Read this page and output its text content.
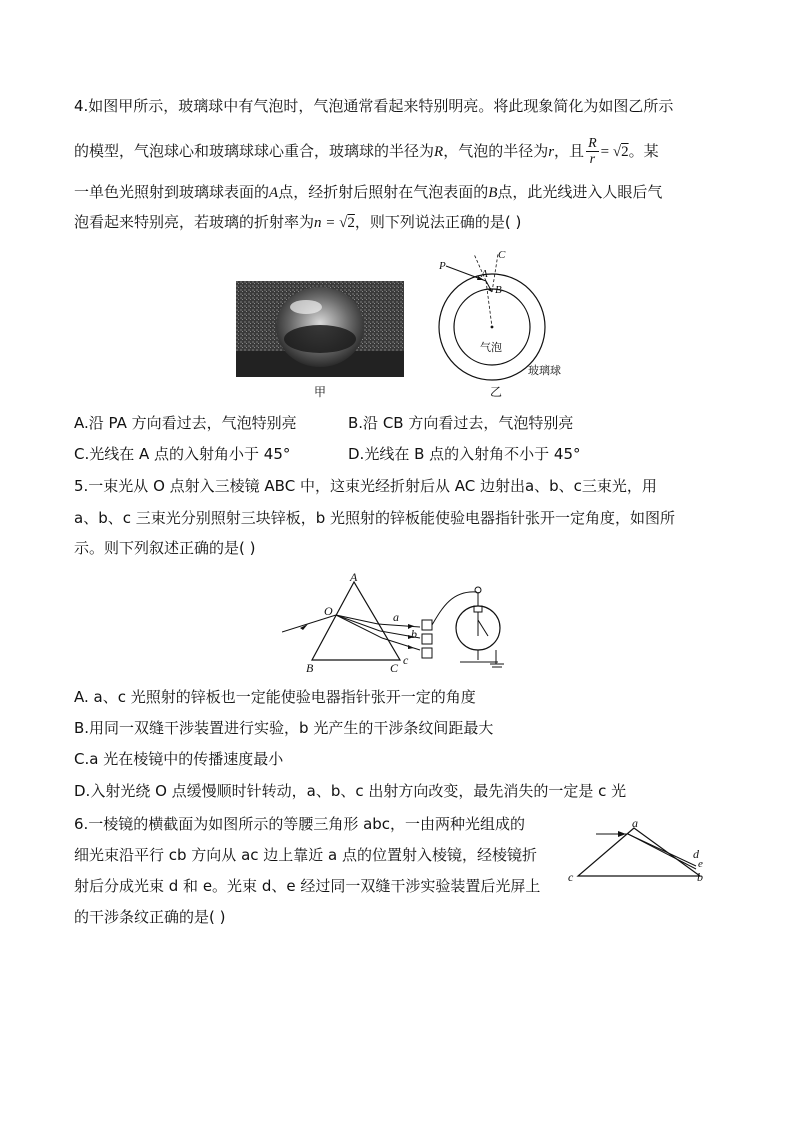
4.如图甲所示，玻璃球中有气泡时，气泡通常看起来特别明亮。将此现象简化为如图乙所示
的模型，气泡球心和玻璃球球心重合，玻璃球的半径为R，气泡的半径为r，且 $\frac{R}{r} = √2$。某
一单色光照射到玻璃球表面的A点，经折射后照射在气泡表面的B点，此光线进入人眼后气
泡看起来特别亮，若玻璃的折射率为n = √2，则下列说法正确的是( )
甲
P
A
B
C
气泡
玻璃球
乙
A.沿 PA 方向看过去，气泡特别亮	B.沿 CB 方向看过去，气泡特别亮
C.光线在 A 点的入射角小于 45°	D.光线在 B 点的入射角不小于 45°
5.一束光从 O 点射入三棱镜 ABC 中，这束光经折射后从 AC 边射出a、b、c三束光，用
a、b、c 三束光分别照射三块锌板，b 光照射的锌板能使验电器指针张开一定角度，如图所
示。则下列叙述正确的是( )
A
B	C
O	a
b
c
A. a、c 光照射的锌板也一定能使验电器指针张开一定的角度
B.用同一双缝干涉装置进行实验，b 光产生的干涉条纹间距最大
C.a 光在棱镜中的传播速度最小
D.入射光绕 O 点缓慢顺时针转动，a、b、c 出射方向改变，最先消失的一定是 c 光
6.一棱镜的横截面为如图所示的等腰三角形 abc，一由两种光组成的
细光束沿平行 cb 方向从 ac 边上靠近 a 点的位置射入棱镜，经棱镜折
射后分成光束 d 和 e。光束 d、e 经过同一双缝干涉实验装置后光屏上
的干涉条纹正确的是( )
a
c	b
d
e
